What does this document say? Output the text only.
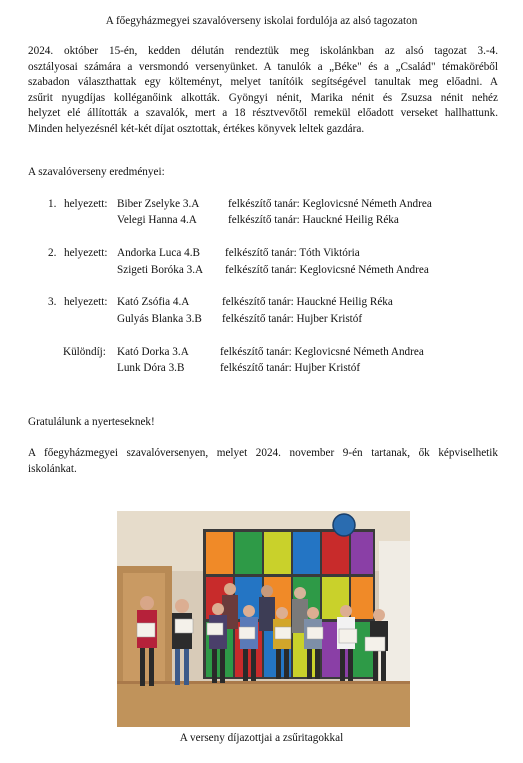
A főegyházmegyei szavalóverseny iskolai fordulója az alsó tagozaton
2024. október 15-én, kedden délután rendeztük meg iskolánkban az alsó tagozat 3.-4.
osztályosai számára a versmondó versenyünket. A tanulók a „Béke" és a „Család" témaköréből
szabadon választhattak egy költeményt, melyet tanítóik segítségével tanultak meg előadni. A
zsűrit nyugdíjas kolléganőink alkották. Gyöngyi nénit, Marika nénit és Zsuzsa nénit nehéz
helyzet elé állították a szavalók, mert a 18 résztvevőtől remekül előadott verseket hallhattunk.
Minden helyezésnél két-két díjat osztottak, értékes könyvek leltek gazdára.
A szavalóverseny eredményei:
1. helyezett: Biber Zselyke 3.A	felkészítő tanár: Keglovicsné Németh Andrea
Velegi Hanna 4.A	felkészítő tanár: Hauckné Heilig Réka
2. helyezett: Andorka Luca 4.B felkészítő tanár: Tóth Viktória
Szigeti Boróka 3.A felkészítő tanár: Keglovicsné Németh Andrea
3. helyezett: Kató Zsófia 4.A	felkészítő tanár: Hauckné Heilig Réka
Gulyás Blanka 3.B felkészítő tanár: Hujber Kristóf
Különdíj: Kató Dorka 3.A	felkészítő tanár: Keglovicsné Németh Andrea
Lunk Dóra 3.B	felkészítő tanár: Hujber Kristóf
Gratulálunk a nyerteseknek!
A főegyházmegyei szavalóversenyen, melyet 2024. november 9-én tartanak, ők képviselhetik
iskolánkat.
A verseny díjazottjai a zsűritagokkal
